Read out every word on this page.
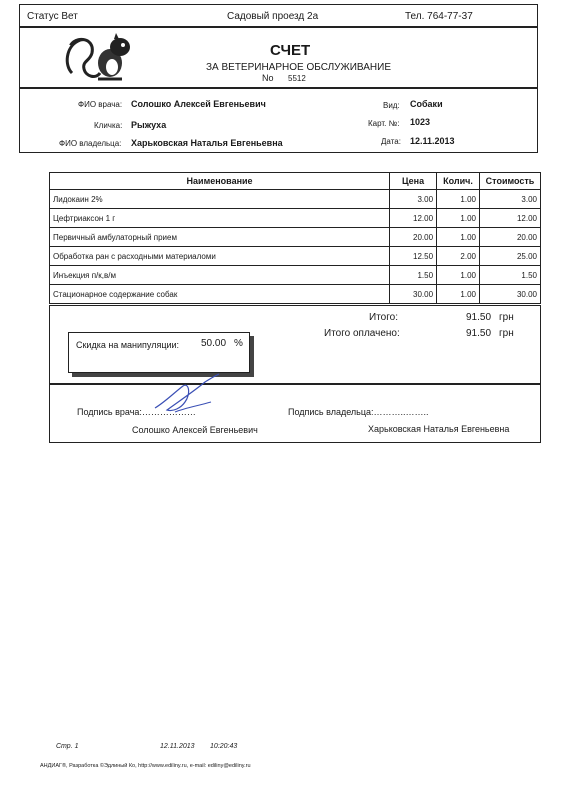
Статус Вет	Садовый проезд 2а	Тел. 764-77-37
СЧЕТ
ЗА ВЕТЕРИНАРНОЕ ОБСЛУЖИВАНИЕ
No 5512
ФИО врача: Солошко Алексей Евгеньевич
Кличка: Рыжуха
ФИО владельца: Харьковская Наталья Евгеньевна
Вид: Собаки
Карт. №: 1023
Дата: 12.11.2013
Наименование	Цена	Колич.	Стоимость
Лидокаин 2%	3.00	1.00	3.00
Цефтриаксон 1 г	12.00	1.00	12.00
Первичный амбулаторный прием	20.00	1.00	20.00
Обработка ран с расходными материаломи	12.50	2.00	25.00
Инъекция п/к,в/м	1.50	1.00	1.50
Стационарное содержание собак	30.00	1.00	30.00
Итого:	91.50 грн
Итого оплачено:	91.50 грн
Скидка на манипуляции: 50.00 %
Подпись врача:………………
Солошко Алексей Евгеньевич
Подпись владельца:………..……..
Харьковская Наталья Евгеньевна
Стр. 1	12.11.2013 10:20:43
АНДИАГ®, Разработка ©Эдлиный Ко, http://www.ediliny.ru, e-mail: ediliny@ediliny.ru
